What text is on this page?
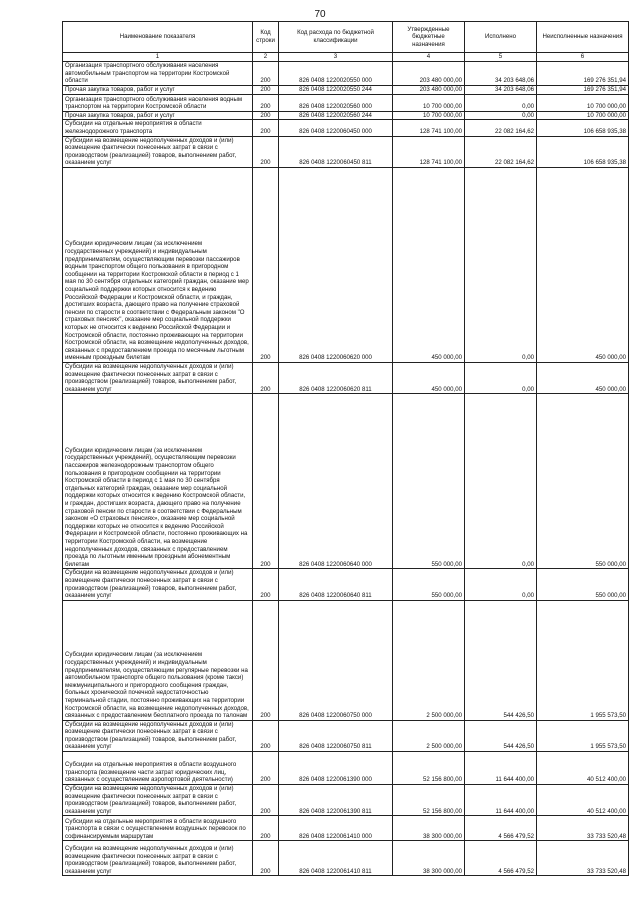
70
Наименование показателя	Код строки	Код расхода по бюджетной классификации	Утвержденные бюджетные назначения	Исполнено	Неисполненные назначения
1	2	3	4	5	6
Организация транспортного обслуживания населения автомобильным транспортом на территории Костромской области	200	826 0408 1220020550 000	203 480 000,00	34 203 648,06	169 276 351,94
Прочая закупка товаров, работ и услуг	200	826 0408 1220020550 244	203 480 000,00	34 203 648,06	169 276 351,94
Организация транспортного обслуживания населения водным транспортом на территории Костромской области	200	826 0408 1220020560 000	10 700 000,00	0,00	10 700 000,00
Прочая закупка товаров, работ и услуг	200	826 0408 1220020560 244	10 700 000,00	0,00	10 700 000,00
Субсидии на отдельные мероприятия в области железнодорожного транспорта	200	826 0408 1220060450 000	128 741 100,00	22 082 164,62	106 658 935,38
Субсидии на возмещение недополученных доходов и (или) возмещение фактически понесенных затрат в связи с производством (реализацией) товаров, выполнением работ, оказанием услуг	200	826 0408 1220060450 811	128 741 100,00	22 082 164,62	106 658 935,38
Субсидии юридическим лицам (за исключением государственных учреждений) и индивидуальным предпринимателям, осуществляющим перевозки пассажиров водным транспортом общего пользования в пригородном сообщении на территории Костромской области в период с 1 мая по 30 сентября отдельных категорий граждан, оказание мер социальной поддержки которых относится к ведению Российской Федерации и Костромской области, и граждан, достигших возраста, дающего право на получение страховой пенсии по старости в соответствии с Федеральным законом "О страховых пенсиях", оказание мер социальной поддержки которых не относится к ведению Российской Федерации и Костромской области, постоянно проживающих на территории Костромской области, на возмещение недополученных доходов, связанных с предоставлением проезда по месячным льготным именным проездным билетам	200	826 0408 1220060620 000	450 000,00	0,00	450 000,00
Субсидии на возмещение недополученных доходов и (или) возмещение фактически понесенных затрат в связи с производством (реализацией) товаров, выполнением работ, оказанием услуг	200	826 0408 1220060620 811	450 000,00	0,00	450 000,00
Субсидии юридическим лицам (за исключением государственных учреждений), осуществляющим перевозки пассажиров железнодорожным транспортом общего пользования в пригородном сообщении на территории Костромской области в период с 1 мая по 30 сентября отдельных категорий граждан, оказание мер социальной поддержки которых относится к ведению Костромской области, и граждан, достигших возраста, дающего право на получение страховой пенсии по старости в соответствии с Федеральным законом «О страховых пенсиях», оказание мер социальной поддержки которых не относится к ведению Российской Федерации и Костромской области, постоянно проживающих на территории Костромской области, на возмещение недополученных доходов, связанных с предоставлением проезда по льготным именным проездным абонементным билетам	200	826 0408 1220060640 000	550 000,00	0,00	550 000,00
Субсидии на возмещение недополученных доходов и (или) возмещение фактически понесенных затрат в связи с производством (реализацией) товаров, выполнением работ, оказанием услуг	200	826 0408 1220060640 811	550 000,00	0,00	550 000,00
Субсидии юридическим лицам (за исключением государственных учреждений) и индивидуальным предпринимателям, осуществляющим регулярные перевозки на автомобильном транспорте общего пользования (кроме такси) межмуниципального и пригородного сообщения граждан, больных хронической почечной недостаточностью терминальной стадии, постоянно проживающих на территории Костромской области, на возмещение недополученных доходов, связанных с предоставлением бесплатного проезда по талонам	200	826 0408 1220060750 000	2 500 000,00	544 426,50	1 955 573,50
Субсидии на возмещение недополученных доходов и (или) возмещение фактически понесенных затрат в связи с производством (реализацией) товаров, выполнением работ, оказанием услуг	200	826 0408 1220060750 811	2 500 000,00	544 426,50	1 955 573,50
Субсидии на отдельные мероприятия в области воздушного транспорта (возмещение части затрат юридических лиц, связанных с осуществлением аэропортовой деятельности)	200	826 0408 1220061390 000	52 156 800,00	11 644 400,00	40 512 400,00
Субсидии на возмещение недополученных доходов и (или) возмещение фактически понесенных затрат в связи с производством (реализацией) товаров, выполнением работ, оказанием услуг	200	826 0408 1220061390 811	52 156 800,00	11 644 400,00	40 512 400,00
Субсидии на отдельные мероприятия в области воздушного транспорта в связи с осуществлением воздушных перевозок по софинансируемым маршрутам	200	826 0408 1220061410 000	38 300 000,00	4 566 479,52	33 733 520,48
Субсидии на возмещение недополученных доходов и (или) возмещение фактически понесенных затрат в связи с производством (реализацией) товаров, выполнением работ, оказанием услуг	200	826 0408 1220061410 811	38 300 000,00	4 566 479,52	33 733 520,48
